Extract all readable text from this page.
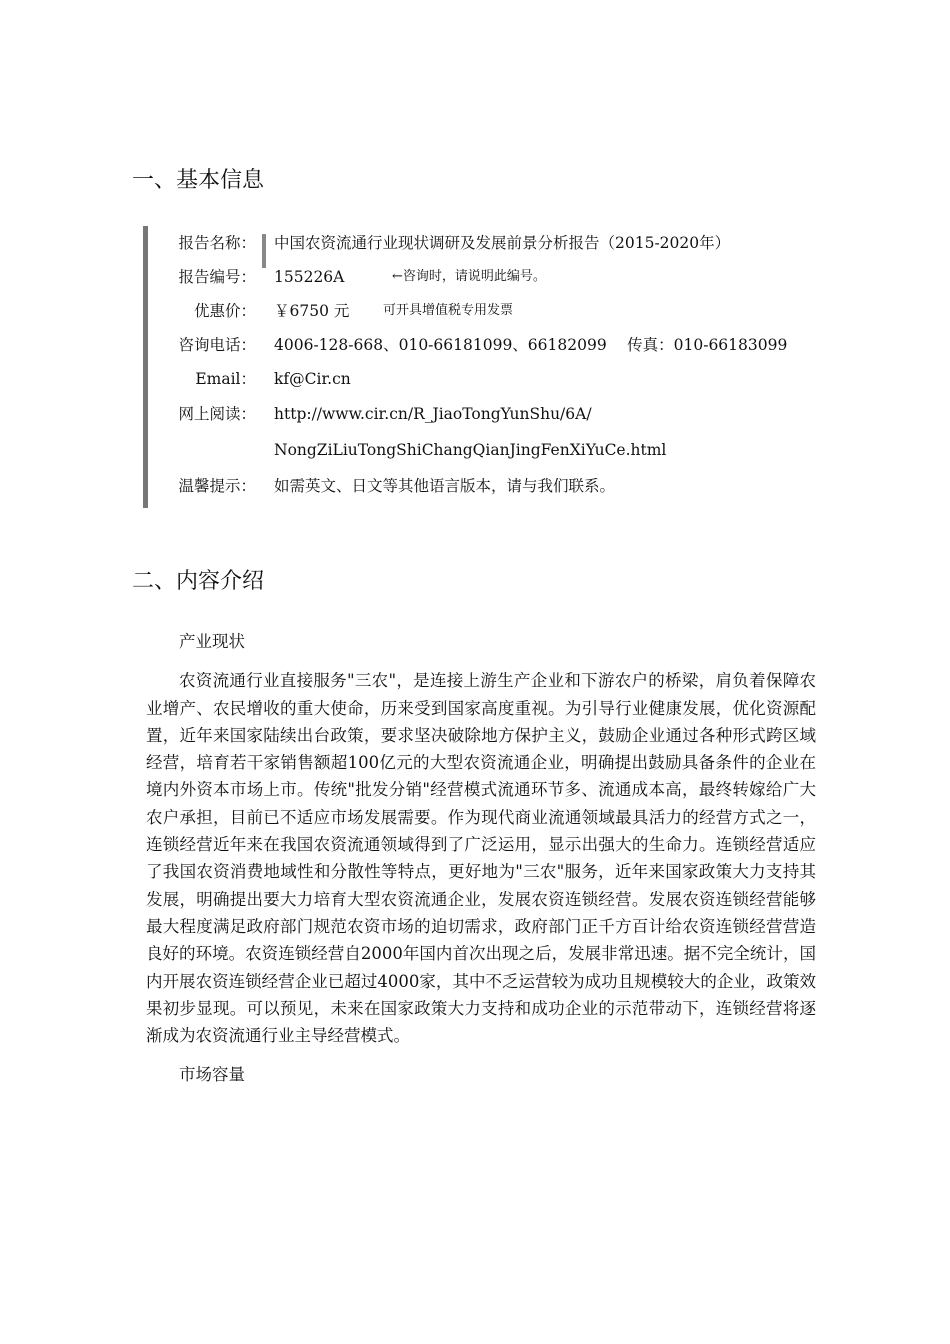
一、基本信息
报告名称： 中国农资流通行业现状调研及发展前景分析报告（2015-2020年）
报告编号： 155226A	←咨询时，请说明此编号。
优惠价： ￥6750 元	可开具增值税专用发票
咨询电话： 4006-128-668、010-66181099、66182099　 传真：010-66183099
Email： kf@Cir.cn
网上阅读： http://www.cir.cn/R_JiaoTongYunShu/6A/
NongZiLiuTongShiChangQianJingFenXiYuCe.html
温馨提示： 如需英文、日文等其他语言版本，请与我们联系。
二、内容介绍

产业现状

农资流通行业直接服务"三农"，是连接上游生产企业和下游农户的桥梁，肩负着保障农业增产、农民增收的重大使命，历来受到国家高度重视。为引导行业健康发展，优化资源配置，近年来国家陆续出台政策，要求坚决破除地方保护主义，鼓励企业通过各种形式跨区域经营，培育若干家销售额超100亿元的大型农资流通企业，明确提出鼓励具备条件的企业在境内外资本市场上市。传统"批发分销"经营模式流通环节多、流通成本高，最终转嫁给广大农户承担，目前已不适应市场发展需要。作为现代商业流通领域最具活力的经营方式之一，连锁经营近年来在我国农资流通领域得到了广泛运用，显示出强大的生命力。连锁经营适应了我国农资消费地域性和分散性等特点，更好地为"三农"服务，近年来国家政策大力支持其发展，明确提出要大力培育大型农资流通企业，发展农资连锁经营。发展农资连锁经营能够最大程度满足政府部门规范农资市场的迫切需求，政府部门正千方百计给农资连锁经营营造良好的环境。农资连锁经营自2000年国内首次出现之后，发展非常迅速。据不完全统计，国内开展农资连锁经营企业已超过4000家，其中不乏运营较为成功且规模较大的企业，政策效果初步显现。可以预见，未来在国家政策大力支持和成功企业的示范带动下，连锁经营将逐渐成为农资流通行业主导经营模式。

市场容量
